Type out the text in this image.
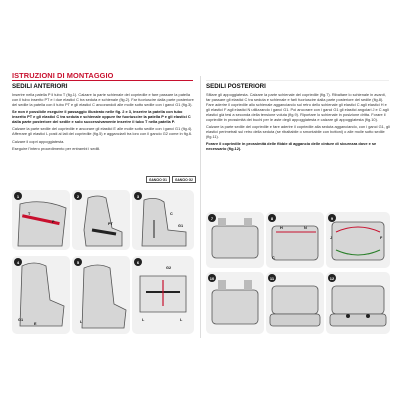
ISTRUZIONI DI MONTAGGIO
SEDILI ANTERIORI

Inserire nella patella P il tubo T (fig.1). Calzare la parte schienale del copriedile e fare passare la patella con il tubo inserito PT e i due elastici C tra seduta e schienale (fig.2). Far fuoriuscire dalla parte posteriore del sedile la patella con il tubo PT e gli elastici C ancorandoli alle molle sotto sedile con i ganci G1 (fig.3).

Se non è possibile eseguire il passaggio illustrato nelle fig. 2 e 3, inserire la patella con tubo inserito PT e gli elastici C tra seduta e schienale oppure far fuoriuscire la patella P e gli elastici C dalla parte posteriore del sedile e solo successivamente inserire il tubo T nella patella P.

Calzare la parte sedile del copriedile e ancorare gli elastici E alle molle sotto sedile con i ganci G1 (fig.4). Afferrare gli elastici L posti ai lati del copriedile (fig.5) e agganciarli tra loro con il gancio G2 come in fig.6.

Calzare il copri appoggiatesta.

Eseguire l'intero procedimento per entrambi i sedili.

GANCIO G1	GANCIO G2
1
P
T
2
PT
3
C
G1
4
G1
E
5
L
6
G2
L	L
SEDILI POSTERIORI

Sfilare gli appoggiatesta. Calzare la parte schienale del copriedile (fig.7). Ribaltare lo schienale in avanti, far passare gli elastici C tra seduta e schienale e farli fuoriuscire dalla parte posteriore del sedile (fig.8). Fare aderire il copriedile allo schienale agganciando sul retro dello schienale gli elastici C agli elastici H e gli elastici F agli elastici N utilizzando i ganci G1. Poi ancorare con i ganci G1 gli elastici angolari J e C agli elastici già tesi a seconda della tensione voluta (fig.9). Riportare lo schienale in posizione dritta. Forare il copriedile in prossimità dei buchi per le aste degli appoggiatesta e calzare gli appoggiatesta (fig.10).

Calzare la parte sedile del copriedile e fare aderire il copriedile alla seduta agganciando, con i ganci G1, gli elastici perimetrali sul retro della seduta (se ribaltabile o smontabile con bottoni) o alle molle sotto sedile (fig.11).

Forare il copriedile in prossimità delle fibbie di aggancio delle cinture di sicurezza dove e se necessario (fig.12).

7	8
H	N
C
9
J	F
10	11	12
